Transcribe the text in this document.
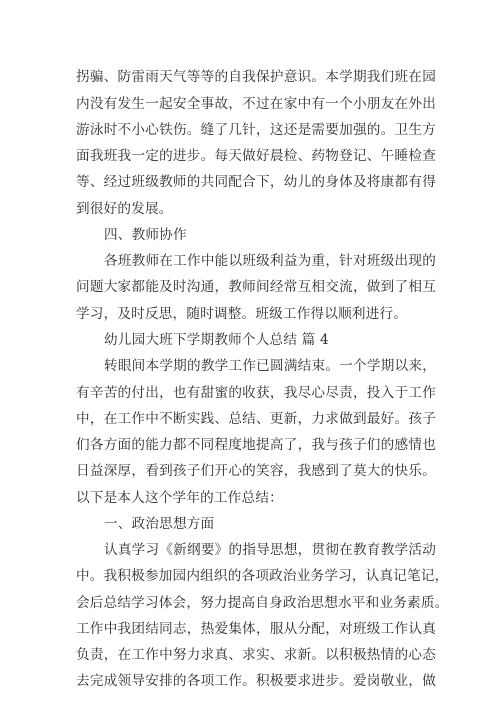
拐骗、防雷雨天气等等的自我保护意识。本学期我们班在园
内没有发生一起安全事故，不过在家中有一个小朋友在外出
游泳时不小心铁伤。缝了几针，这还是需要加强的。卫生方
面我班我一定的进步。每天做好晨检、药物登记、午睡检查
等、经过班级教师的共同配合下，幼儿的身体及将康都有得
到很好的发展。
四、教师协作
各班教师在工作中能以班级利益为重，针对班级出现的
问题大家都能及时沟通，教师间经常互相交流，做到了相互
学习，及时反思，随时调整。班级工作得以顺利进行。
幼儿园大班下学期教师个人总结 篇 4
转眼间本学期的教学工作已圆满结束。一个学期以来，
有辛苦的付出，也有甜蜜的收获，我尽心尽责，投入于工作
中，在工作中不断实践、总结、更新，力求做到最好。孩子
们各方面的能力都不同程度地提高了，我与孩子们的感情也
日益深厚，看到孩子们开心的笑容，我感到了莫大的快乐。
以下是本人这个学年的工作总结：
一、政治思想方面
认真学习《新纲要》的指导思想，贯彻在教育教学活动
中。我积极参加园内组织的各项政治业务学习，认真记笔记，
会后总结学习体会，努力提高自身政治思想水平和业务素质。
工作中我团结同志，热爱集体，服从分配，对班级工作认真
负责，在工作中努力求真、求实、求新。以积极热情的心态
去完成领导安排的各项工作。积极要求进步。爱岗敬业，做
